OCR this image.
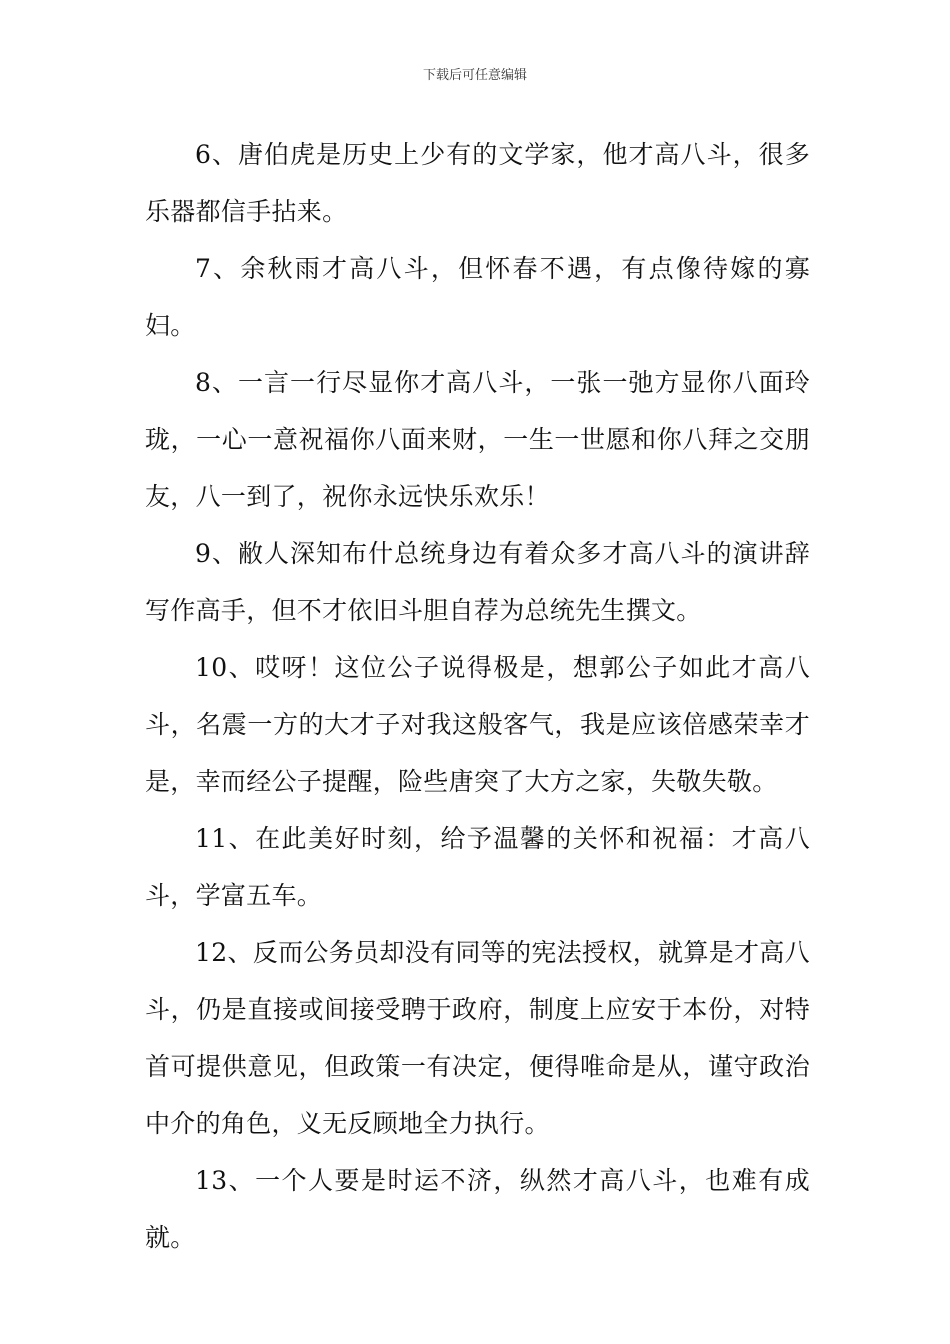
下载后可任意编辑

6、唐伯虎是历史上少有的文学家，他才高八斗，很多乐器都信手拈来。

7、余秋雨才高八斗，但怀春不遇，有点像待嫁的寡妇。

8、一言一行尽显你才高八斗，一张一弛方显你八面玲珑，一心一意祝福你八面来财，一生一世愿和你八拜之交朋友，八一到了，祝你永远快乐欢乐！

9、敝人深知布什总统身边有着众多才高八斗的演讲辞写作高手，但不才依旧斗胆自荐为总统先生撰文。

10、哎呀！这位公子说得极是，想郭公子如此才高八斗，名震一方的大才子对我这般客气，我是应该倍感荣幸才是，幸而经公子提醒，险些唐突了大方之家，失敬失敬。

11、在此美好时刻，给予温馨的关怀和祝福：才高八斗，学富五车。

12、反而公务员却没有同等的宪法授权，就算是才高八斗，仍是直接或间接受聘于政府，制度上应安于本份，对特首可提供意见，但政策一有决定，便得唯命是从，谨守政治中介的角色，义无反顾地全力执行。

13、一个人要是时运不济，纵然才高八斗，也难有成就。
